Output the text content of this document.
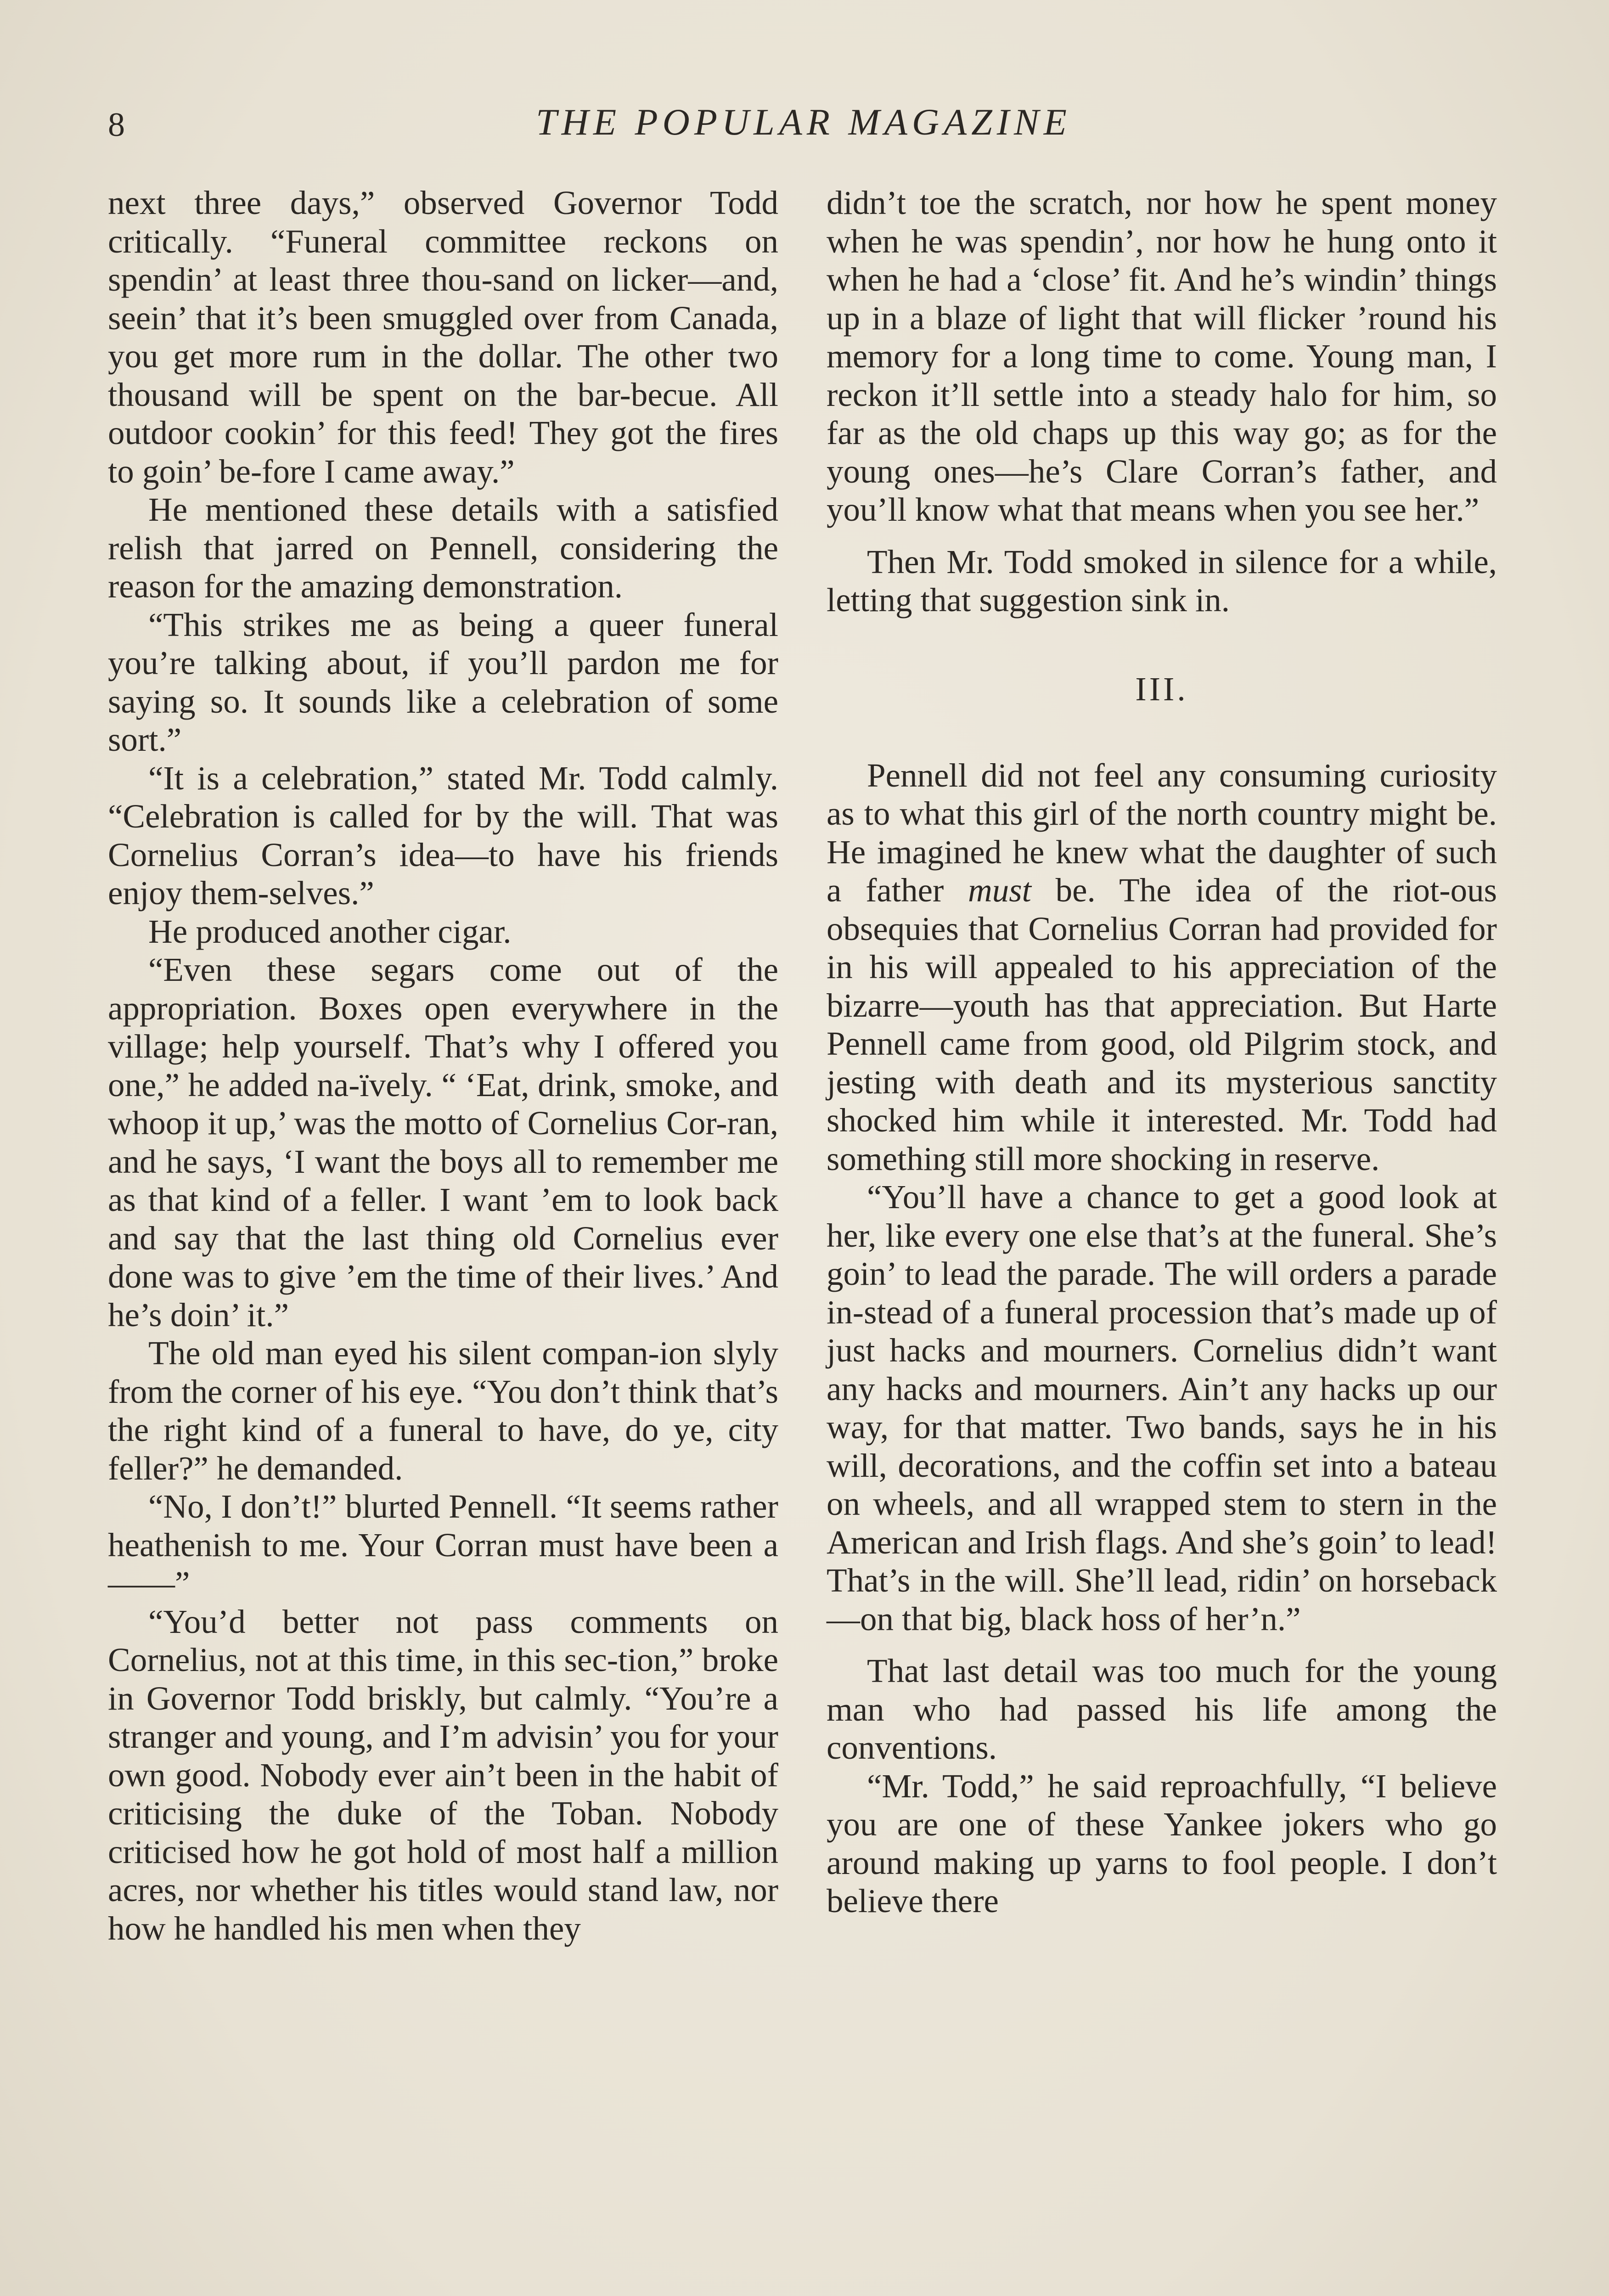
8	THE POPULAR MAGAZINE

next three days,” observed Governor Todd critically. “Funeral committee reckons on spendin’ at least three thou-sand on licker—and, seein’ that it’s been smuggled over from Canada, you get more rum in the dollar. The other two thousand will be spent on the bar-becue. All outdoor cookin’ for this feed! They got the fires to goin’ be-fore I came away.”

He mentioned these details with a satisfied relish that jarred on Pennell, considering the reason for the amazing demonstration.

“This strikes me as being a queer funeral you’re talking about, if you’ll pardon me for saying so. It sounds like a celebration of some sort.”

“It is a celebration,” stated Mr. Todd calmly. “Celebration is called for by the will. That was Cornelius Corran’s idea—to have his friends enjoy them-selves.”

He produced another cigar.

“Even these segars come out of the appropriation. Boxes open everywhere in the village; help yourself. That’s why I offered you one,” he added na-ïvely. “ ‘Eat, drink, smoke, and whoop it up,’ was the motto of Cornelius Cor-ran, and he says, ‘I want the boys all to remember me as that kind of a feller. I want ’em to look back and say that the last thing old Cornelius ever done was to give ’em the time of their lives.’ And he’s doin’ it.”

The old man eyed his silent compan-ion slyly from the corner of his eye. “You don’t think that’s the right kind of a funeral to have, do ye, city feller?” he demanded.

“No, I don’t!” blurted Pennell. “It seems rather heathenish to me. Your Corran must have been a——”

“You’d better not pass comments on Cornelius, not at this time, in this sec-tion,” broke in Governor Todd briskly, but calmly. “You’re a stranger and young, and I’m advisin’ you for your own good. Nobody ever ain’t been in the habit of criticising the duke of the Toban. Nobody criticised how he got hold of most half a million acres, nor whether his titles would stand law, nor how he handled his men when they

didn’t toe the scratch, nor how he spent money when he was spendin’, nor how he hung onto it when he had a ‘close’ fit. And he’s windin’ things up in a blaze of light that will flicker ’round his memory for a long time to come. Young man, I reckon it’ll settle into a steady halo for him, so far as the old chaps up this way go; as for the young ones—he’s Clare Corran’s father, and you’ll know what that means when you see her.”

Then Mr. Todd smoked in silence for a while, letting that suggestion sink in.

III.

Pennell did not feel any consuming curiosity as to what this girl of the north country might be. He imagined he knew what the daughter of such a father must be. The idea of the riot-ous obsequies that Cornelius Corran had provided for in his will appealed to his appreciation of the bizarre—youth has that appreciation. But Harte Pennell came from good, old Pilgrim stock, and jesting with death and its mysterious sanctity shocked him while it interested. Mr. Todd had something still more shocking in reserve.

“You’ll have a chance to get a good look at her, like every one else that’s at the funeral. She’s goin’ to lead the parade. The will orders a parade in-stead of a funeral procession that’s made up of just hacks and mourners. Cornelius didn’t want any hacks and mourners. Ain’t any hacks up our way, for that matter. Two bands, says he in his will, decorations, and the coffin set into a bateau on wheels, and all wrapped stem to stern in the American and Irish flags. And she’s goin’ to lead! That’s in the will. She’ll lead, ridin’ on horseback—on that big, black hoss of her’n.”

That last detail was too much for the young man who had passed his life among the conventions.

“Mr. Todd,” he said reproachfully, “I believe you are one of these Yankee jokers who go around making up yarns to fool people. I don’t believe there
